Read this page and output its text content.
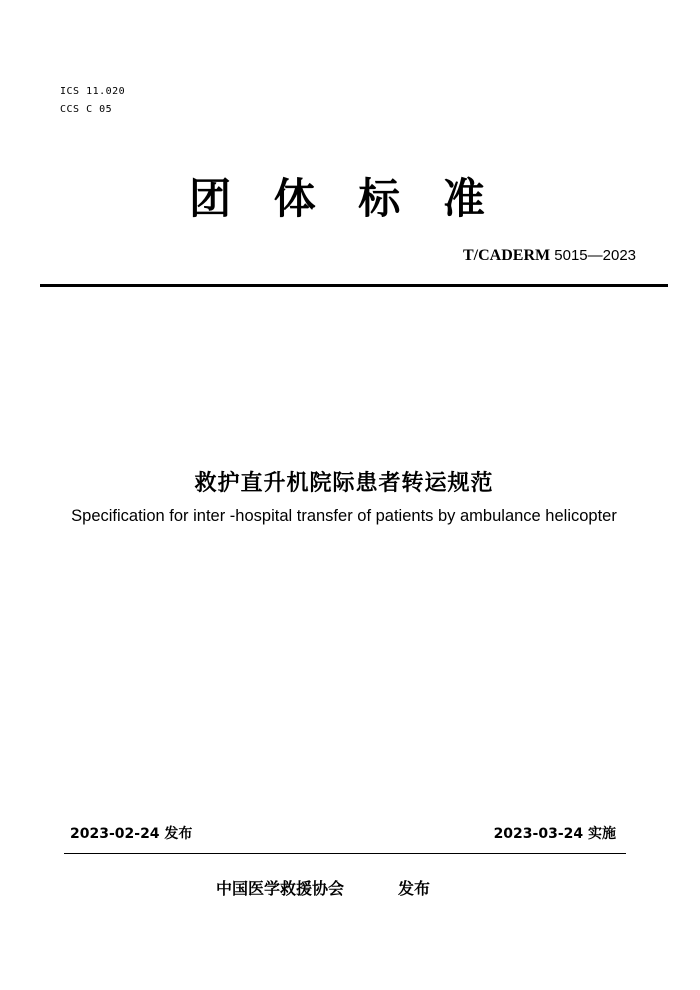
ICS 11.020
CCS C 05
团 体 标 准
T/CADERM 5015—2023
救护直升机院际患者转运规范
Specification for inter -hospital transfer of patients by ambulance helicopter
2023-02-24 发布	2023-03-24 实施
中国医学救援协会	发布
